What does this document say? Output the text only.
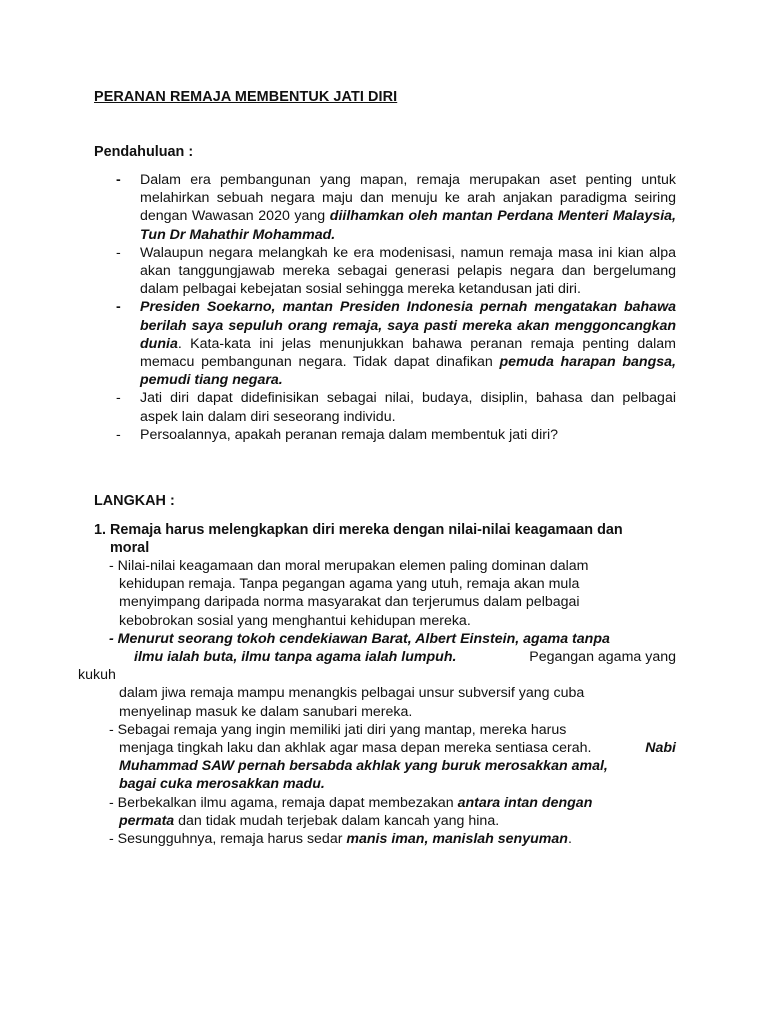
PERANAN REMAJA MEMBENTUK JATI DIRI
Pendahuluan :
-	Dalam era pembangunan yang mapan, remaja merupakan aset penting untuk melahirkan sebuah negara maju dan menuju ke arah anjakan paradigma seiring dengan Wawasan 2020 yang diilhamkan oleh mantan Perdana Menteri Malaysia, Tun Dr Mahathir Mohammad.
-	Walaupun negara melangkah ke era modenisasi, namun remaja masa ini kian alpa akan tanggungjawab mereka sebagai generasi pelapis negara dan bergelumang dalam pelbagai kebejatan sosial sehingga mereka ketandusan jati diri.
-	Presiden Soekarno, mantan Presiden Indonesia pernah mengatakan bahawa berilah saya sepuluh orang remaja, saya pasti mereka akan menggoncangkan dunia. Kata-kata ini jelas menunjukkan bahawa peranan remaja penting dalam memacu pembangunan negara. Tidak dapat dinafikan pemuda harapan bangsa, pemudi tiang negara.
-	Jati diri dapat didefinisikan sebagai nilai, budaya, disiplin, bahasa dan pelbagai aspek lain dalam diri seseorang individu.
-	Persoalannya, apakah peranan remaja dalam membentuk jati diri?
LANGKAH :
1. Remaja harus melengkapkan diri mereka dengan nilai-nilai keagamaan dan
moral
- Nilai-nilai keagamaan dan moral merupakan elemen paling dominan dalam
kehidupan remaja. Tanpa pegangan agama yang utuh, remaja akan mula
menyimpang daripada norma masyarakat dan terjerumus dalam pelbagai
kebobrokan sosial yang menghantui kehidupan mereka.
- Menurut seorang tokoh cendekiawan Barat, Albert Einstein, agama tanpa
ilmu ialah buta, ilmu tanpa agama ialah lumpuh.	Pegangan agama yang
kukuh
dalam jiwa remaja mampu menangkis pelbagai unsur subversif yang cuba
menyelinap masuk ke dalam sanubari mereka.
- Sebagai remaja yang ingin memiliki jati diri yang mantap, mereka harus
menjaga tingkah laku dan akhlak agar masa depan mereka sentiasa cerah.	Nabi
Muhammad SAW pernah bersabda akhlak yang buruk merosakkan amal,
bagai cuka merosakkan madu.
- Berbekalkan ilmu agama, remaja dapat membezakan antara intan dengan
permata dan tidak mudah terjebak dalam kancah yang hina.
- Sesungguhnya, remaja harus sedar manis iman, manislah senyuman.
